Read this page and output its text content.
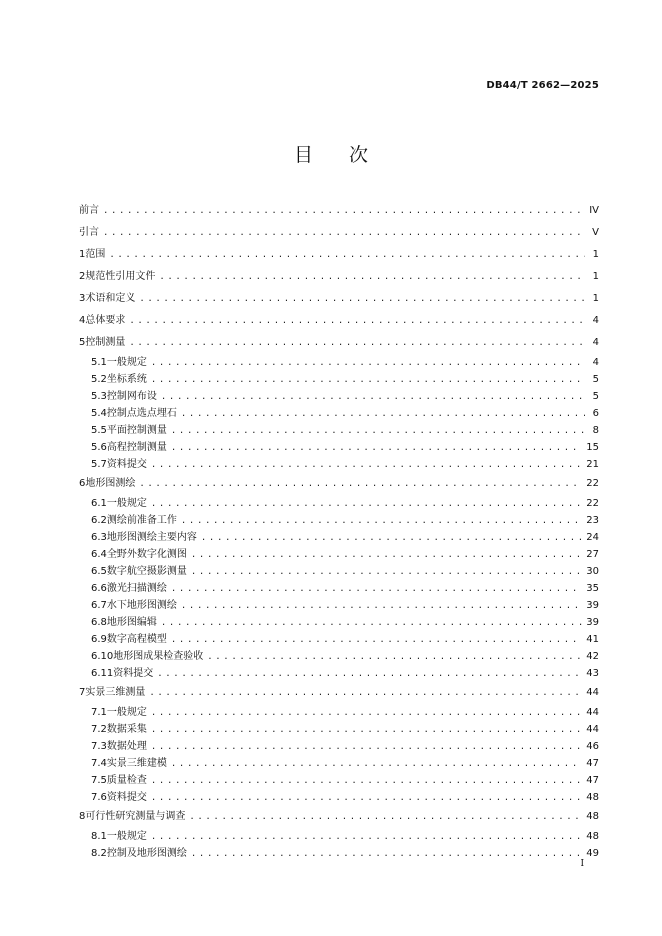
DB44/T 2662—2025
目 次
前言 .....	IV
引言 .....	V
1 范围 .....	1
2 规范性引用文件 .....	1
3 术语和定义 .....	1
4 总体要求 .....	4
5 控制测量 .....	4
5.1 一般规定 .....	4
5.2 坐标系统 .....	5
5.3 控制网布设 .....	5
5.4 控制点选点埋石 .....	6
5.5 平面控制测量 .....	8
5.6 高程控制测量 .....	15
5.7 资料提交 .....	21
6 地形图测绘 .....	22
6.1 一般规定 .....	22
6.2 测绘前准备工作 .....	23
6.3 地形图测绘主要内容 .....	24
6.4 全野外数字化测图 .....	27
6.5 数字航空摄影测量 .....	30
6.6 激光扫描测绘 .....	35
6.7 水下地形图测绘 .....	39
6.8 地形图编辑 .....	39
6.9 数字高程模型 .....	41
6.10 地形图成果检查验收 .....	42
6.11 资料提交 .....	43
7 实景三维测量 .....	44
7.1 一般规定 .....	44
7.2 数据采集 .....	44
7.3 数据处理 .....	46
7.4 实景三维建模 .....	47
7.5 质量检查 .....	47
7.6 资料提交 .....	48
8 可行性研究测量与调查 .....	48
8.1 一般规定 .....	48
8.2 控制及地形图测绘 .....	49
I
